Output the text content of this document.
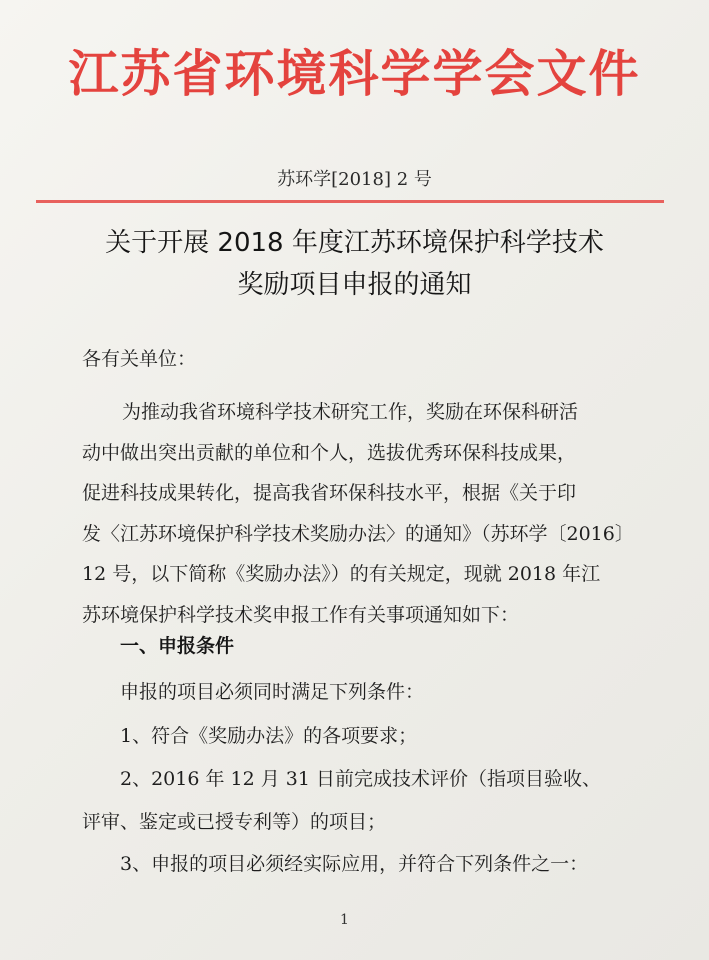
江苏省环境科学学会文件
苏环学[2018] 2 号
关于开展 2018 年度江苏环境保护科学技术
奖励项目申报的通知
各有关单位：
为推动我省环境科学技术研究工作，奖励在环保科研活
动中做出突出贡献的单位和个人，选拔优秀环保科技成果，
促进科技成果转化，提高我省环保科技水平，根据《关于印
发〈江苏环境保护科学技术奖励办法〉的通知》（苏环学〔2016〕
12 号，以下简称《奖励办法》）的有关规定，现就 2018 年江
苏环境保护科学技术奖申报工作有关事项通知如下：
一、申报条件
申报的项目必须同时满足下列条件：
1、符合《奖励办法》的各项要求；
2、2016 年 12 月 31 日前完成技术评价（指项目验收、
评审、鉴定或已授专利等）的项目；
3、申报的项目必须经实际应用，并符合下列条件之一：
1
